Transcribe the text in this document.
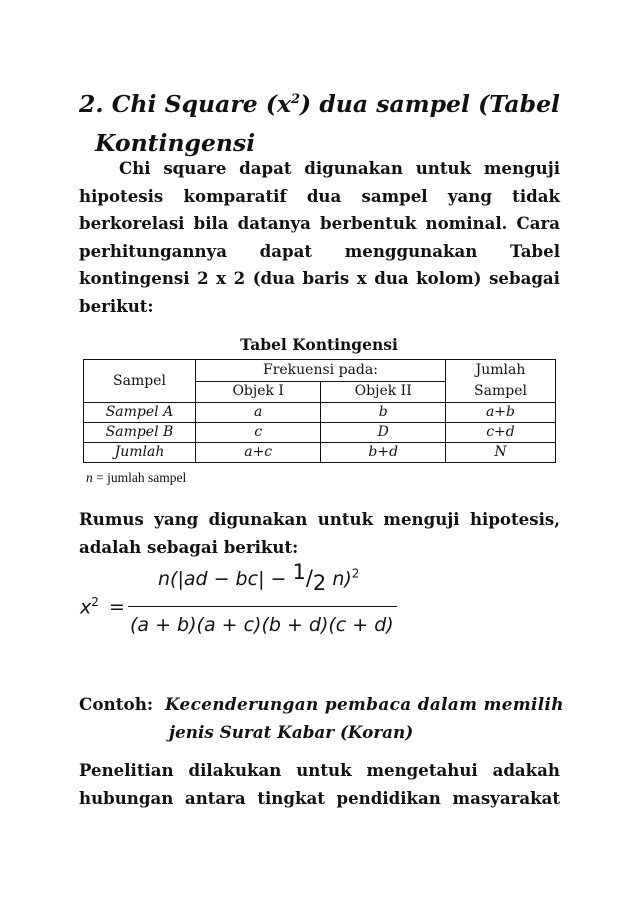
2. Chi Square $(x^2)$ dua sampel (Tabel
Kontingensi
Chi square dapat digunakan untuk menguji
hipotesis komparatif dua sampel yang tidak
berkorelasi bila datanya berbentuk nominal. Cara
perhitungannya dapat menggunakan Tabel
kontingensi 2 x 2 (dua baris x dua kolom) sebagai
berikut:
Tabel Kontingensi
Sampel	Frekuensi pada:		Jumlah
Sampel
	Objek I	Objek II	
Sampel A	a	b	a+b
Sampel B	c	D	c+d
Jumlah	a+c	b+d	N
n = jumlah sampel
Rumus yang digunakan untuk menguji hipotesis,
adalah sebagai berikut:
$x^2$ =
n(|ad − bc| − 1/2 n)$^2$
(a + b)(a + c)(b + d)(c + d)
Contoh: Kecenderungan pembaca dalam memilih
jenis Surat Kabar (Koran)
Penelitian dilakukan untuk mengetahui adakah
hubungan antara tingkat pendidikan masyarakat
